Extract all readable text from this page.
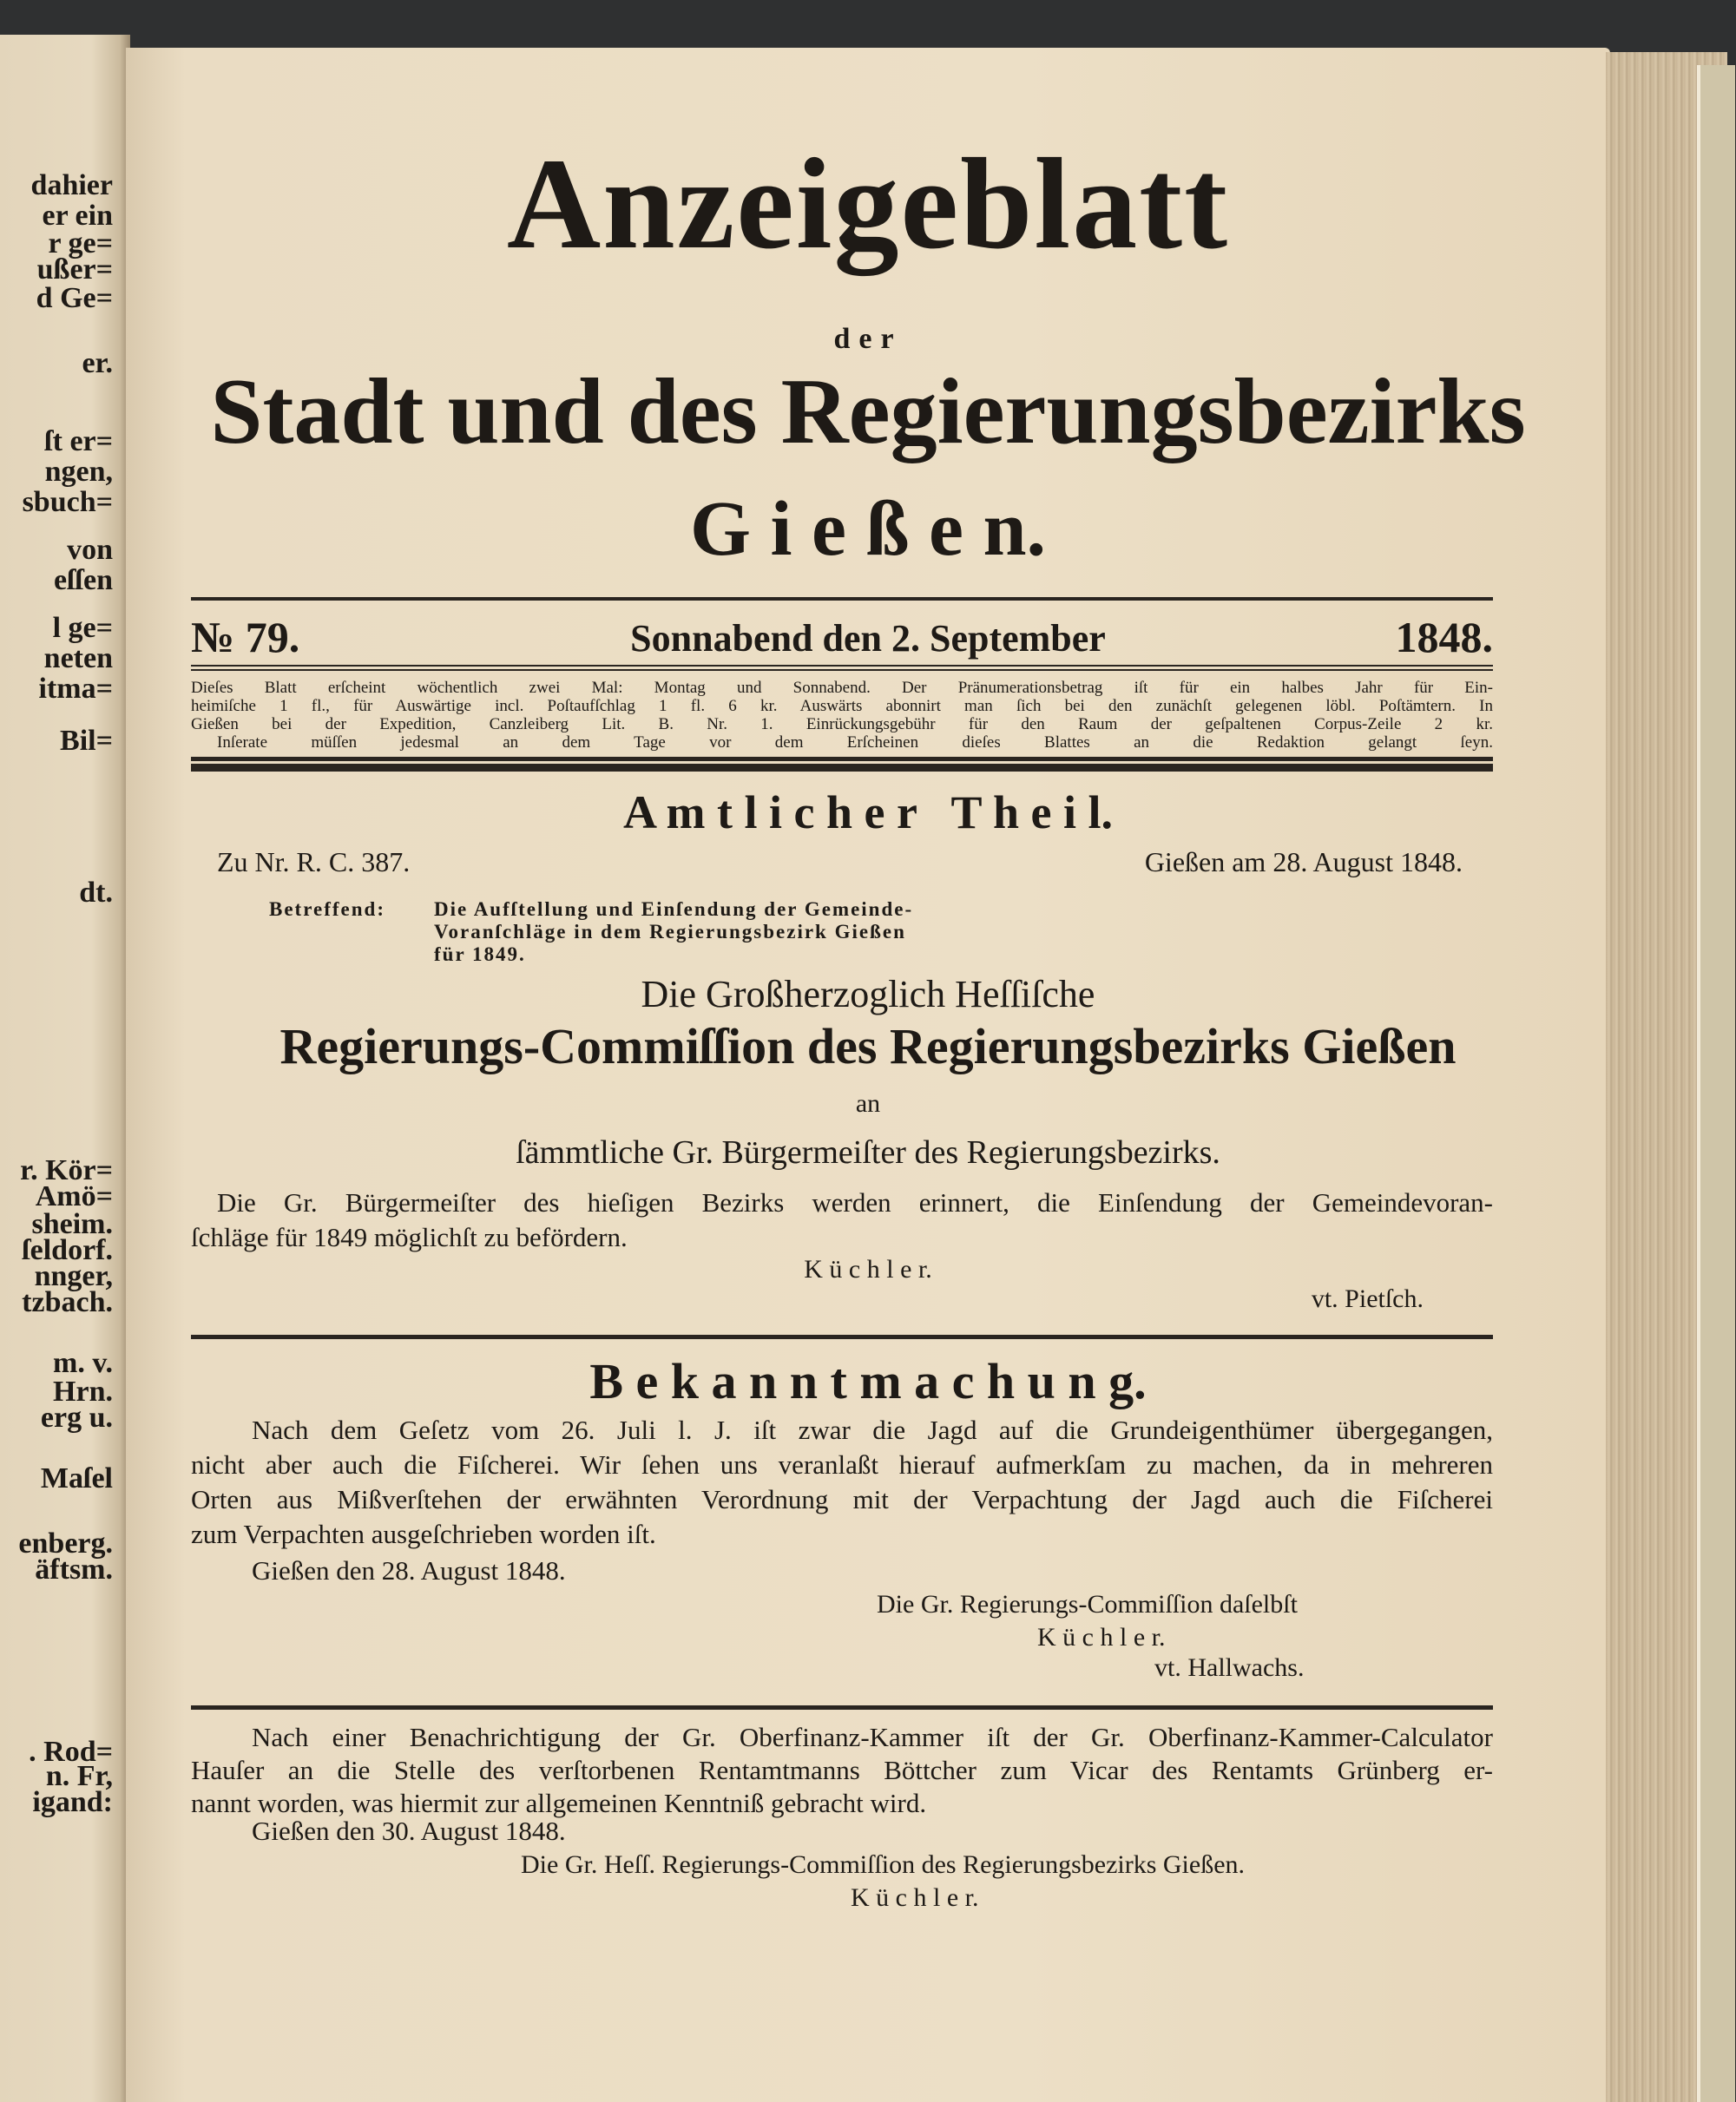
dahier
er ein
r ge=
ußer=
d Ge=
er.
ſt er=
ngen,
sbuch=
von
eſſen
l ge=
neten
itma=
Bil=
dt.
r. Kör=
Amö=
sheim.
ſeldorf.
nnger,
tzbach.
m. v.
Hrn.
erg u.
Maſel
enberg.
äftsm.
. Rod=
n. Fr,
igand:
Anzeigeblatt
der
Stadt und des Regierungsbezirks
G i e ß e n.
№ 79.	Sonnabend den 2. September	1848.
Dieſes Blatt erſcheint wöchentlich zwei Mal: Montag und Sonnabend. Der Pränumerationsbetrag iſt für ein halbes Jahr für Ein-
heimiſche 1 fl., für Auswärtige incl. Poſtaufſchlag 1 fl. 6 kr. Auswärts abonnirt man ſich bei den zunächſt gelegenen löbl. Poſtämtern. In
Gießen bei der Expedition, Canzleiberg Lit. B. Nr. 1. Einrückungsgebühr für den Raum der geſpaltenen Corpus-Zeile 2 kr.
Inſerate müſſen jedesmal an dem Tage vor dem Erſcheinen dieſes Blattes an die Redaktion gelangt ſeyn.
A m t l i c h e r   T h e i l.
Zu Nr. R. C. 387.	Gießen am 28. August 1848.
Betreffend: Die Aufſtellung und Einſendung der Gemeinde-
Voranſchläge in dem Regierungsbezirk Gießen
für 1849.
Die Großherzoglich Heſſiſche
Regierungs-Commiſſion des Regierungsbezirks Gießen
an
ſämmtliche Gr. Bürgermeiſter des Regierungsbezirks.
Die Gr. Bürgermeiſter des hieſigen Bezirks werden erinnert, die Einſendung der Gemeindevoran-
ſchläge für 1849 möglichſt zu befördern.
K ü c h l e r.
vt. Pietſch.
B e k a n n t m a c h u n g.
Nach dem Geſetz vom 26. Juli l. J. iſt zwar die Jagd auf die Grundeigenthümer übergegangen,
nicht aber auch die Fiſcherei. Wir ſehen uns veranlaßt hierauf aufmerkſam zu machen, da in mehreren
Orten aus Mißverſtehen der erwähnten Verordnung mit der Verpachtung der Jagd auch die Fiſcherei
zum Verpachten ausgeſchrieben worden iſt.
Gießen den 28. August 1848.
Die Gr. Regierungs-Commiſſion daſelbſt
K ü c h l e r.
vt. Hallwachs.
Nach einer Benachrichtigung der Gr. Oberfinanz-Kammer iſt der Gr. Oberfinanz-Kammer-Calculator
Hauſer an die Stelle des verſtorbenen Rentamtmanns Böttcher zum Vicar des Rentamts Grünberg er-
nannt worden, was hiermit zur allgemeinen Kenntniß gebracht wird.
Gießen den 30. August 1848.
Die Gr. Heſſ. Regierungs-Commiſſion des Regierungsbezirks Gießen.
K ü c h l e r.
